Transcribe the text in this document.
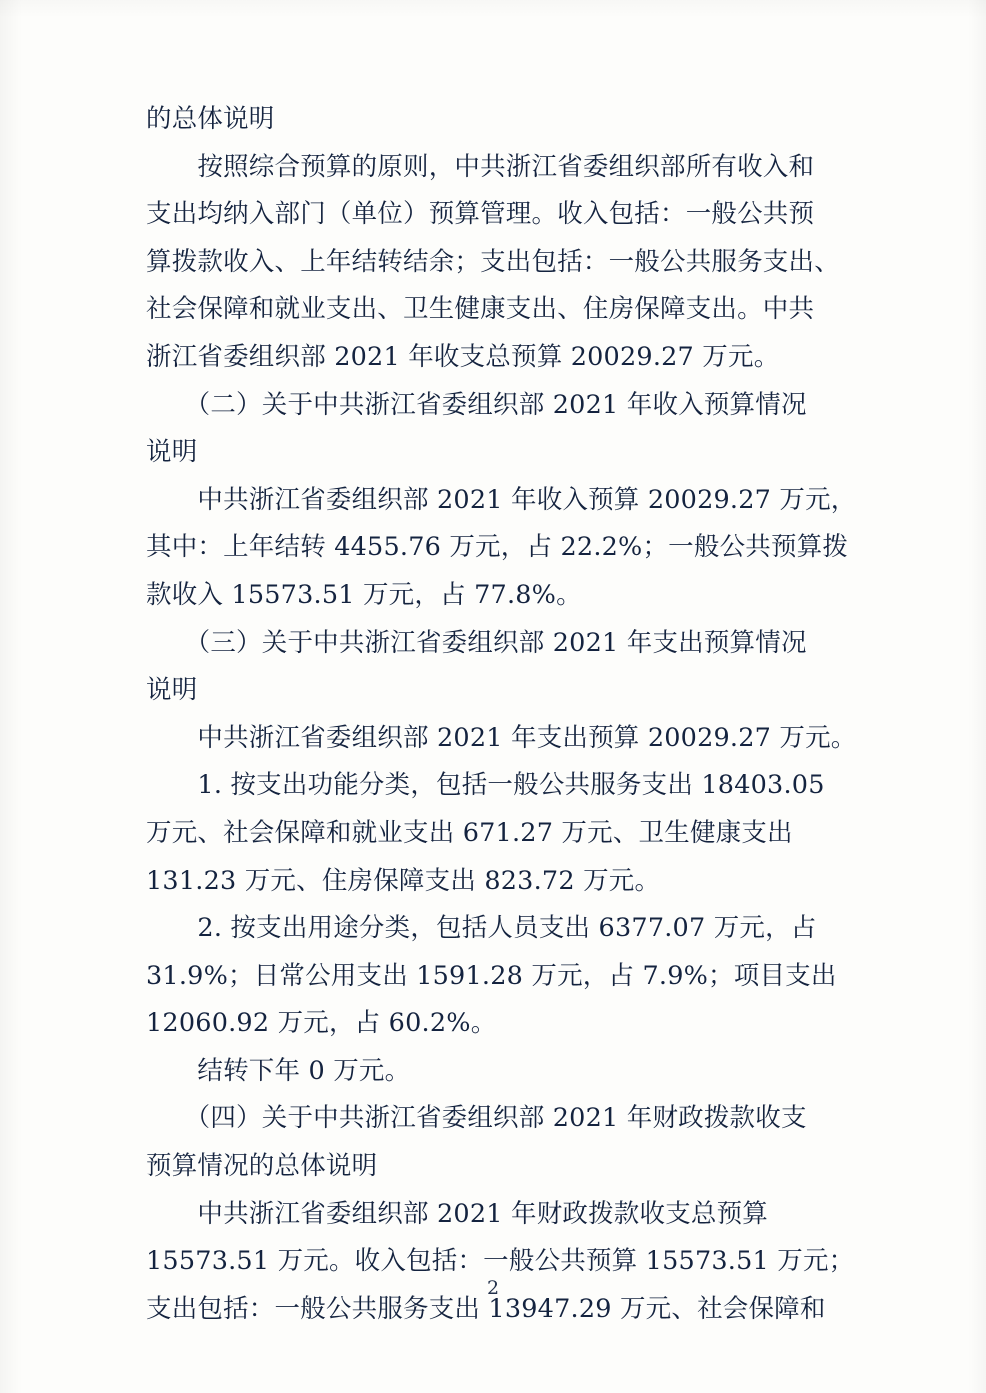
的总体说明
　　按照综合预算的原则，中共浙江省委组织部所有收入和
支出均纳入部门（单位）预算管理。收入包括：一般公共预
算拨款收入、上年结转结余；支出包括：一般公共服务支出、
社会保障和就业支出、卫生健康支出、住房保障支出。中共
浙江省委组织部 2021 年收支总预算 20029.27 万元。
　　（二）关于中共浙江省委组织部 2021 年收入预算情况
说明
　　中共浙江省委组织部 2021 年收入预算 20029.27 万元，
其中：上年结转 4455.76 万元，占 22.2%；一般公共预算拨
款收入 15573.51 万元，占 77.8%。
　　（三）关于中共浙江省委组织部 2021 年支出预算情况
说明
　　中共浙江省委组织部 2021 年支出预算 20029.27 万元。
　　1. 按支出功能分类，包括一般公共服务支出 18403.05
万元、社会保障和就业支出 671.27 万元、卫生健康支出
131.23 万元、住房保障支出 823.72 万元。
　　2. 按支出用途分类，包括人员支出 6377.07 万元，占
31.9%；日常公用支出 1591.28 万元，占 7.9%；项目支出
12060.92 万元，占 60.2%。
　　结转下年 0 万元。
　　（四）关于中共浙江省委组织部 2021 年财政拨款收支
预算情况的总体说明
　　中共浙江省委组织部 2021 年财政拨款收支总预算
15573.51 万元。收入包括：一般公共预算 15573.51 万元；
支出包括：一般公共服务支出 13947.29 万元、社会保障和
2
